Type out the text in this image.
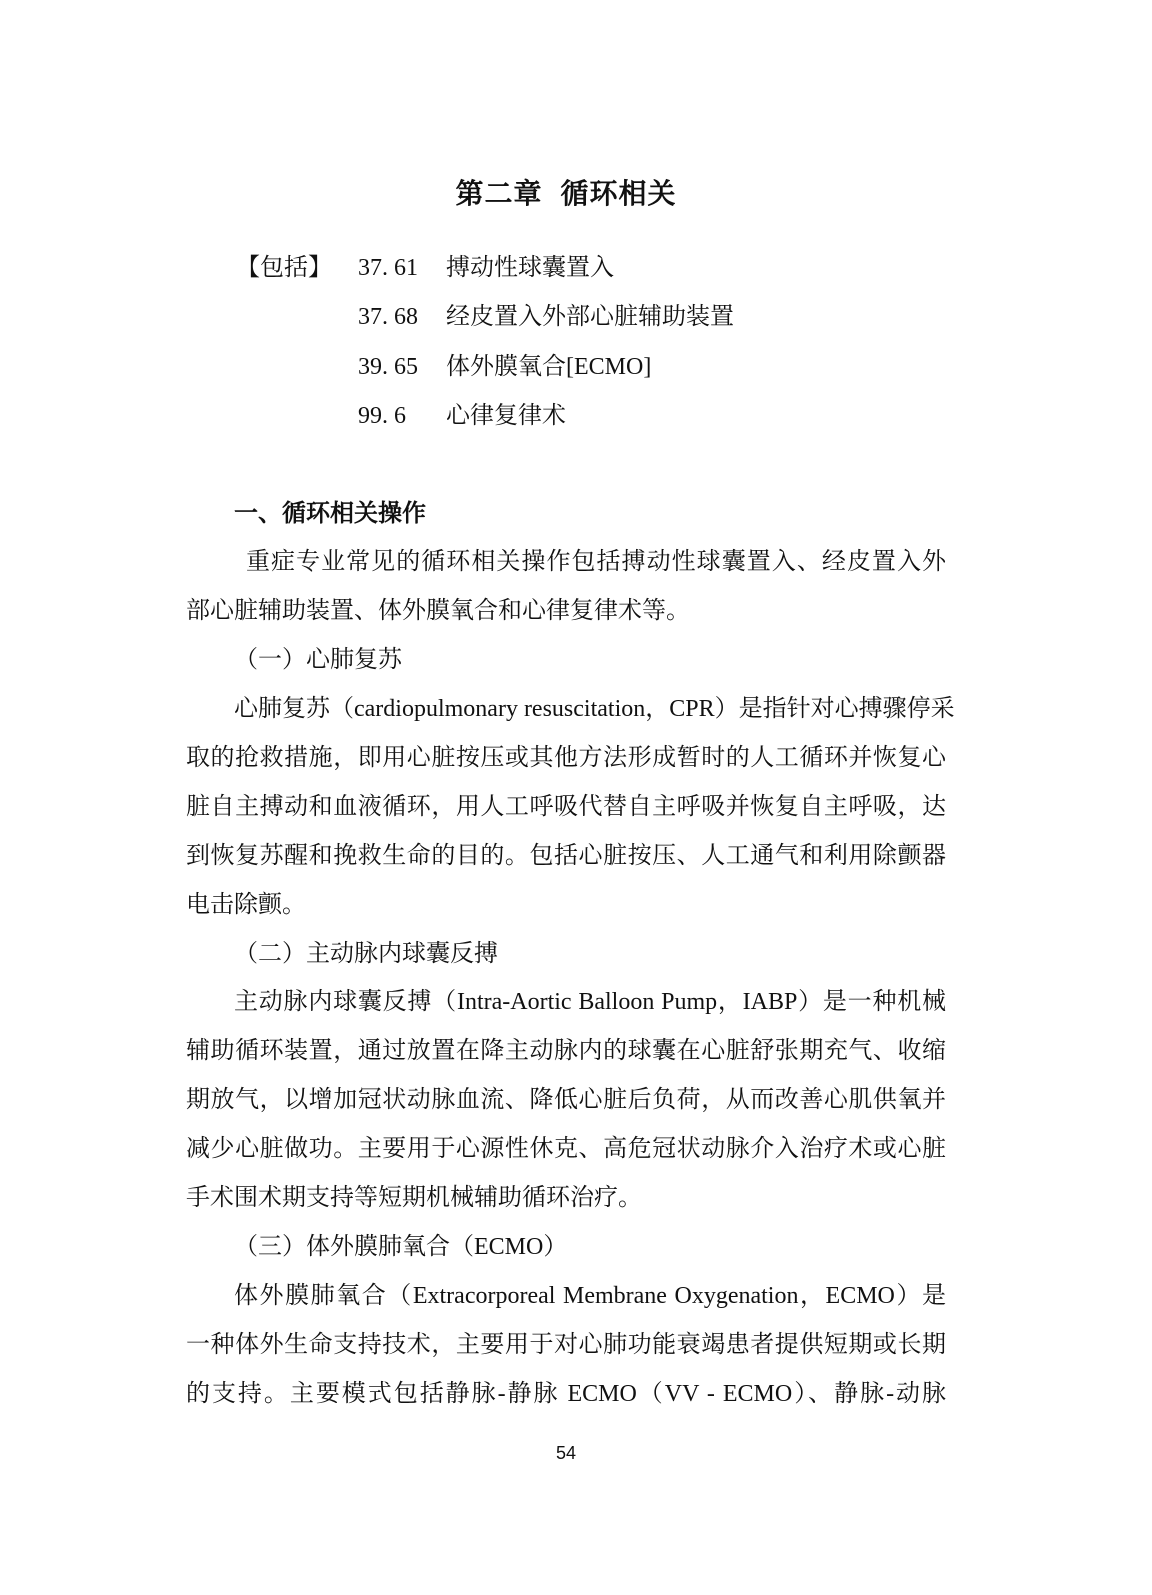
第二章 循环相关
【包括】	37. 61	搏动性球囊置入
37. 68	经皮置入外部心脏辅助装置
39. 65	体外膜氧合[ECMO]
99. 6	心律复律术
一、循环相关操作
重症专业常见的循环相关操作包括搏动性球囊置入、经皮置入外
部心脏辅助装置、体外膜氧合和心律复律术等。
（一）心肺复苏
心肺复苏（cardiopulmonary resuscitation，CPR）是指针对心搏骤停采
取的抢救措施，即用心脏按压或其他方法形成暂时的人工循环并恢复心
脏自主搏动和血液循环，用人工呼吸代替自主呼吸并恢复自主呼吸，达
到恢复苏醒和挽救生命的目的。包括心脏按压、人工通气和利用除颤器
电击除颤。
（二）主动脉内球囊反搏
主动脉内球囊反搏（Intra-Aortic Balloon Pump，IABP）是一种机械
辅助循环装置，通过放置在降主动脉内的球囊在心脏舒张期充气、收缩
期放气，以增加冠状动脉血流、降低心脏后负荷，从而改善心肌供氧并
减少心脏做功。主要用于心源性休克、高危冠状动脉介入治疗术或心脏
手术围术期支持等短期机械辅助循环治疗。
（三）体外膜肺氧合（ECMO）
体外膜肺氧合（Extracorporeal Membrane Oxygenation，ECMO）是
一种体外生命支持技术，主要用于对心肺功能衰竭患者提供短期或长期
的支持。主要模式包括静脉-静脉 ECMO（VV - ECMO）、静脉-动脉
54
